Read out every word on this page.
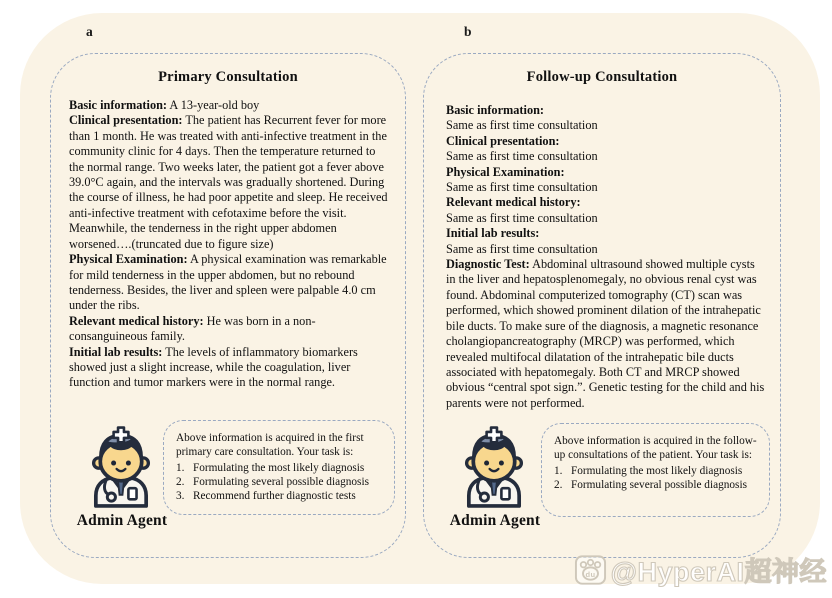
a	b
Primary Consultation

Basic information: A 13-year-old boy

Clinical presentation: The patient has Recurrent fever for more than 1 month. He was treated with anti-infective treatment in the community clinic for 4 days. Then the temperature returned to the normal range. Two weeks later, the patient got a fever above 39.0°C again, and the intervals was gradually shortened. During the course of illness, he had poor appetite and sleep. He received anti-infective treatment with cefotaxime before the visit. Meanwhile, the tenderness in the right upper abdomen worsened….(truncated due to figure size)

Physical Examination: A physical examination was remarkable for mild tenderness in the upper abdomen, but no rebound tenderness. Besides, the liver and spleen were palpable 4.0 cm under the ribs.

Relevant medical history: He was born in a non-consanguineous family.

Initial lab results: The levels of inflammatory biomarkers showed just a slight increase, while the coagulation, liver function and tumor markers were in the normal range.

Admin Agent

Above information is acquired in the first primary care consultation. Your task is:

Formulating the most likely diagnosis
Formulating several possible diagnosis
Recommend further diagnostic tests
Follow-up Consultation

Basic information:
Same as first time consultation

Clinical presentation:
Same as first time consultation

Physical Examination:
Same as first time consultation

Relevant medical history:
Same as first time consultation

Initial lab results:
Same as first time consultation

Diagnostic Test: Abdominal ultrasound showed multiple cysts in the liver and hepatosplenomegaly, no obvious renal cyst was found. Abdominal computerized tomography (CT) scan was performed, which showed prominent dilation of the intrahepatic bile ducts. To make sure of the diagnosis, a magnetic resonance cholangiopancreatography (MRCP) was performed, which revealed multifocal dilatation of the intrahepatic bile ducts associated with hepatomegaly. Both CT and MRCP showed obvious “central spot sign.”. Genetic testing for the child and his parents were not performed.

Admin Agent

Above information is acquired in the follow-up consultations of the patient. Your task is:

Formulating the most likely diagnosis
Formulating several possible diagnosis
@HyperAI超神经
